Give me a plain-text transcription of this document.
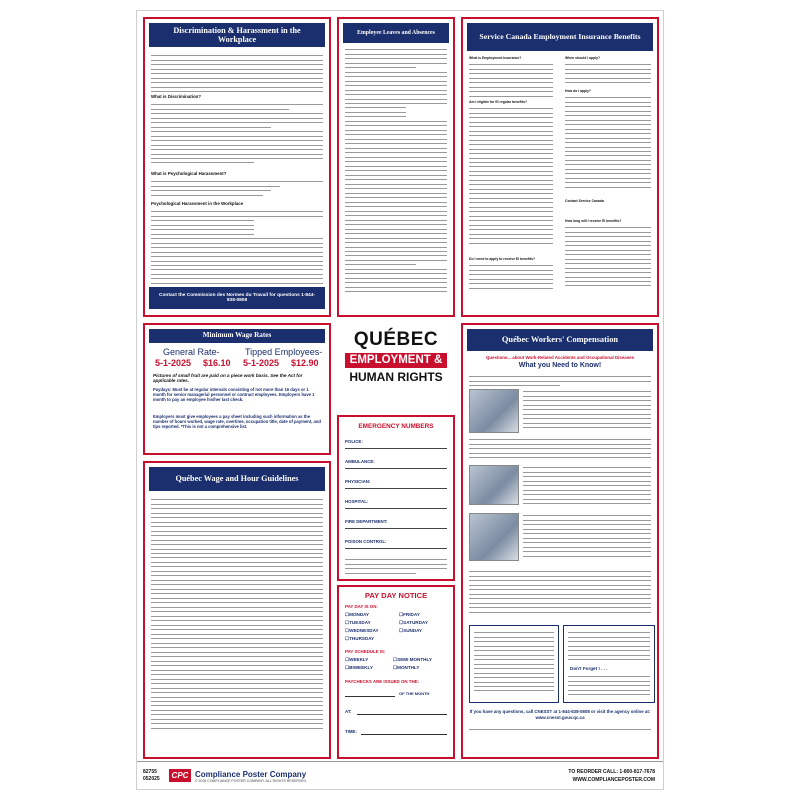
Discrimination & Harassment in the Workplace
What is Discrimination?
What is Psychological Harassment?
Psychological Harassment in the Workplace
Contact the Commission des Normes du Travail for questions 1-844-838-0808
Employee Leaves and Absences	Service Canada Employment Insurance Benefits
What is Employment Insurance?
Am I eligible for EI regular benefits?
Do I need to apply to receive EI benefits?
When should I apply?
How do I apply?
Contact Service Canada
How long will I receive EI benefits?
Minimum Wage Rates
General Rate-
5-1-2025 $16.10
Tipped Employees-
5-1-2025 $12.90
Pictures of small fruit are paid on a piece work basis. See the Act for applicable rates.
Paydays: Must be at regular intervals consisting of not more than 16 days or 1 month for senior managerial personnel or contract employees. Employers have 1 month to pay an employee his/her last check.
Employers must give employees a pay sheet including such information as the number of hours worked, wage rate, overtime, occupation title, date of payment, and tips reported. *This is not a comprehensive list.
QUÉBEC
EMPLOYMENT &
HUMAN RIGHTS
EMERGENCY NUMBERS
POLICE:
AMBULANCE:
PHYSICIAN:
HOSPITAL:
FIRE DEPARTMENT:
POISON CONTROL:
PAY DAY NOTICE
PAY DAY IS ON:
☐MONDAY	☐FRIDAY
☐TUESDAY	☐SATURDAY
☐WEDNESDAY	☐SUNDAY
☐THURSDAY
PAY SCHEDULE IS:
☐WEEKLY	☐SEMI MONTHLY
☐BIWEEKLY	☐MONTHLY
PAYCHECKS ARE ISSUED ON THE:
OF THE MONTH
AT:
TIME:
Québec Wage and Hour Guidelines
Québec Workers' Compensation
Questions... about Work-Related Accidents and Occupational Diseases
What you Need to Know!
Don't Forget ! . . .
If you have any questions, call CNESST at 1-844-838-0808 or visit the agency online at: www.cnesst.gouv.qc.ca
82755
052025	CPC Compliance Poster Company
© 2025 COMPLIANCE POSTER COMPANY. ALL RIGHTS RESERVED.
TO REORDER CALL: 1-800-817-7678
WWW.COMPLIANCEPOSTER.COM
